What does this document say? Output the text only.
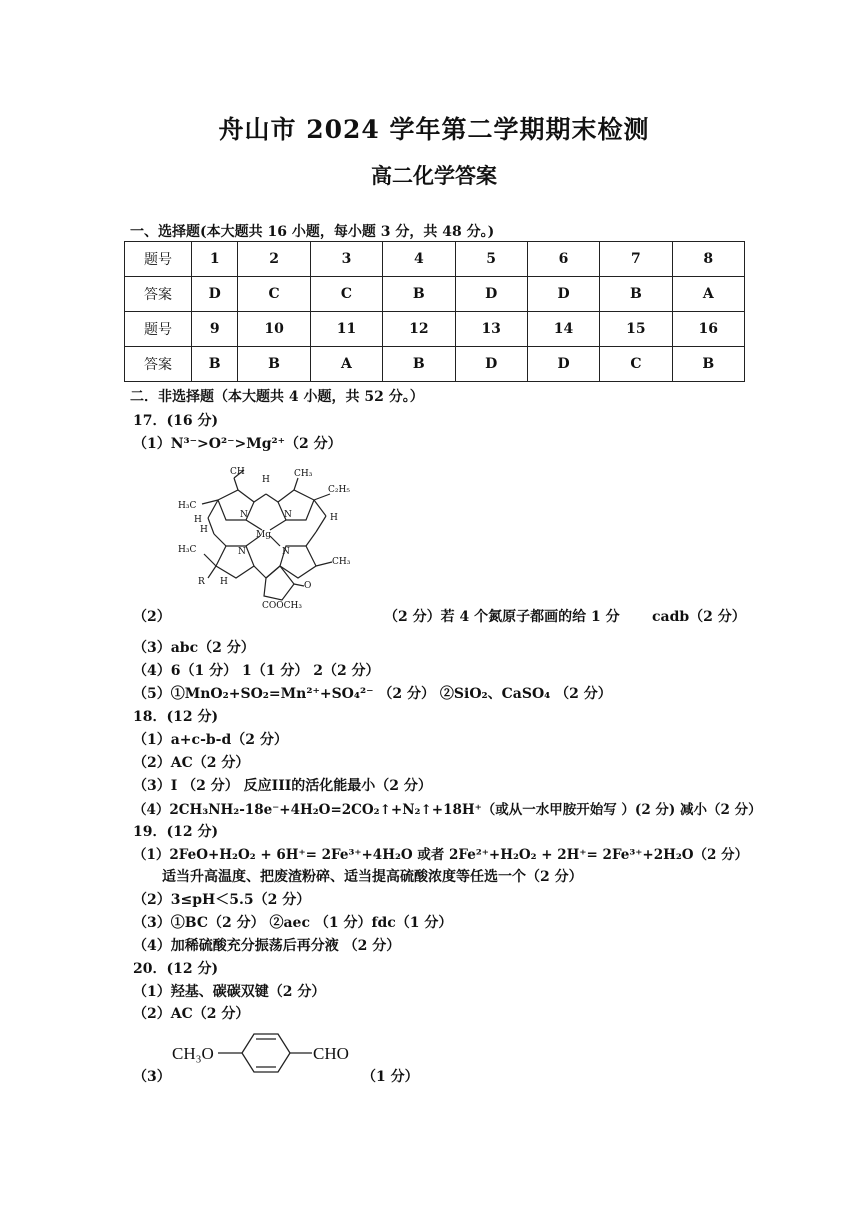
舟山市 2024 学年第二学期期末检测
高二化学答案
一、选择题(本大题共 16 小题，每小题 3 分，共 48 分。)
题号	1	2	3	4	5	6	7	8
答案	D	C	C	B	D	D	B	A
题号	9	10	11	12	13	14	15	16
答案	B	B	A	B	D	D	C	B
二．非选择题（本大题共 4 小题，共 52 分。）
17．(16 分)
（1）N³⁻>O²⁻>Mg²⁺（2 分）
CH
H₃C
CH₃
C₂H₅
H
CH₃
H
H₃C
H
R H
H
N	N
N
N
Mg
O
COOCH₃
（2）	（2 分）若 4 个氮原子都画的给 1 分 cadb（2 分）
（3）abc（2 分）
（4）6（1 分） 1（1 分） 2（2 分）
（5）①MnO₂+SO₂=Mn²⁺+SO₄²⁻ （2 分） ②SiO₂、CaSO₄ （2 分）
18．(12 分)
（1）a+c-b-d（2 分）
（2）AC（2 分）
（3）I （2 分） 反应III的活化能最小（2 分）
（4）2CH₃NH₂-18e⁻+4H₂O=2CO₂↑+N₂↑+18H⁺（或从一水甲胺开始写 ）(2 分) 减小（2 分）
19．(12 分)
（1）2FeO+H₂O₂ + 6H⁺= 2Fe³⁺+4H₂O 或者 2Fe²⁺+H₂O₂ + 2H⁺= 2Fe³⁺+2H₂O（2 分）
适当升高温度、把废渣粉碎、适当提高硫酸浓度等任选一个（2 分）
（2）3≤pH＜5.5（2 分）
（3）①BC（2 分） ②aec （1 分）fdc（1 分）
（4）加稀硫酸充分振荡后再分液 （2 分）
20．(12 分)
（1）羟基、碳碳双键（2 分）
（2）AC（2 分）
CH₃O	CHO
（3）	（1 分）
